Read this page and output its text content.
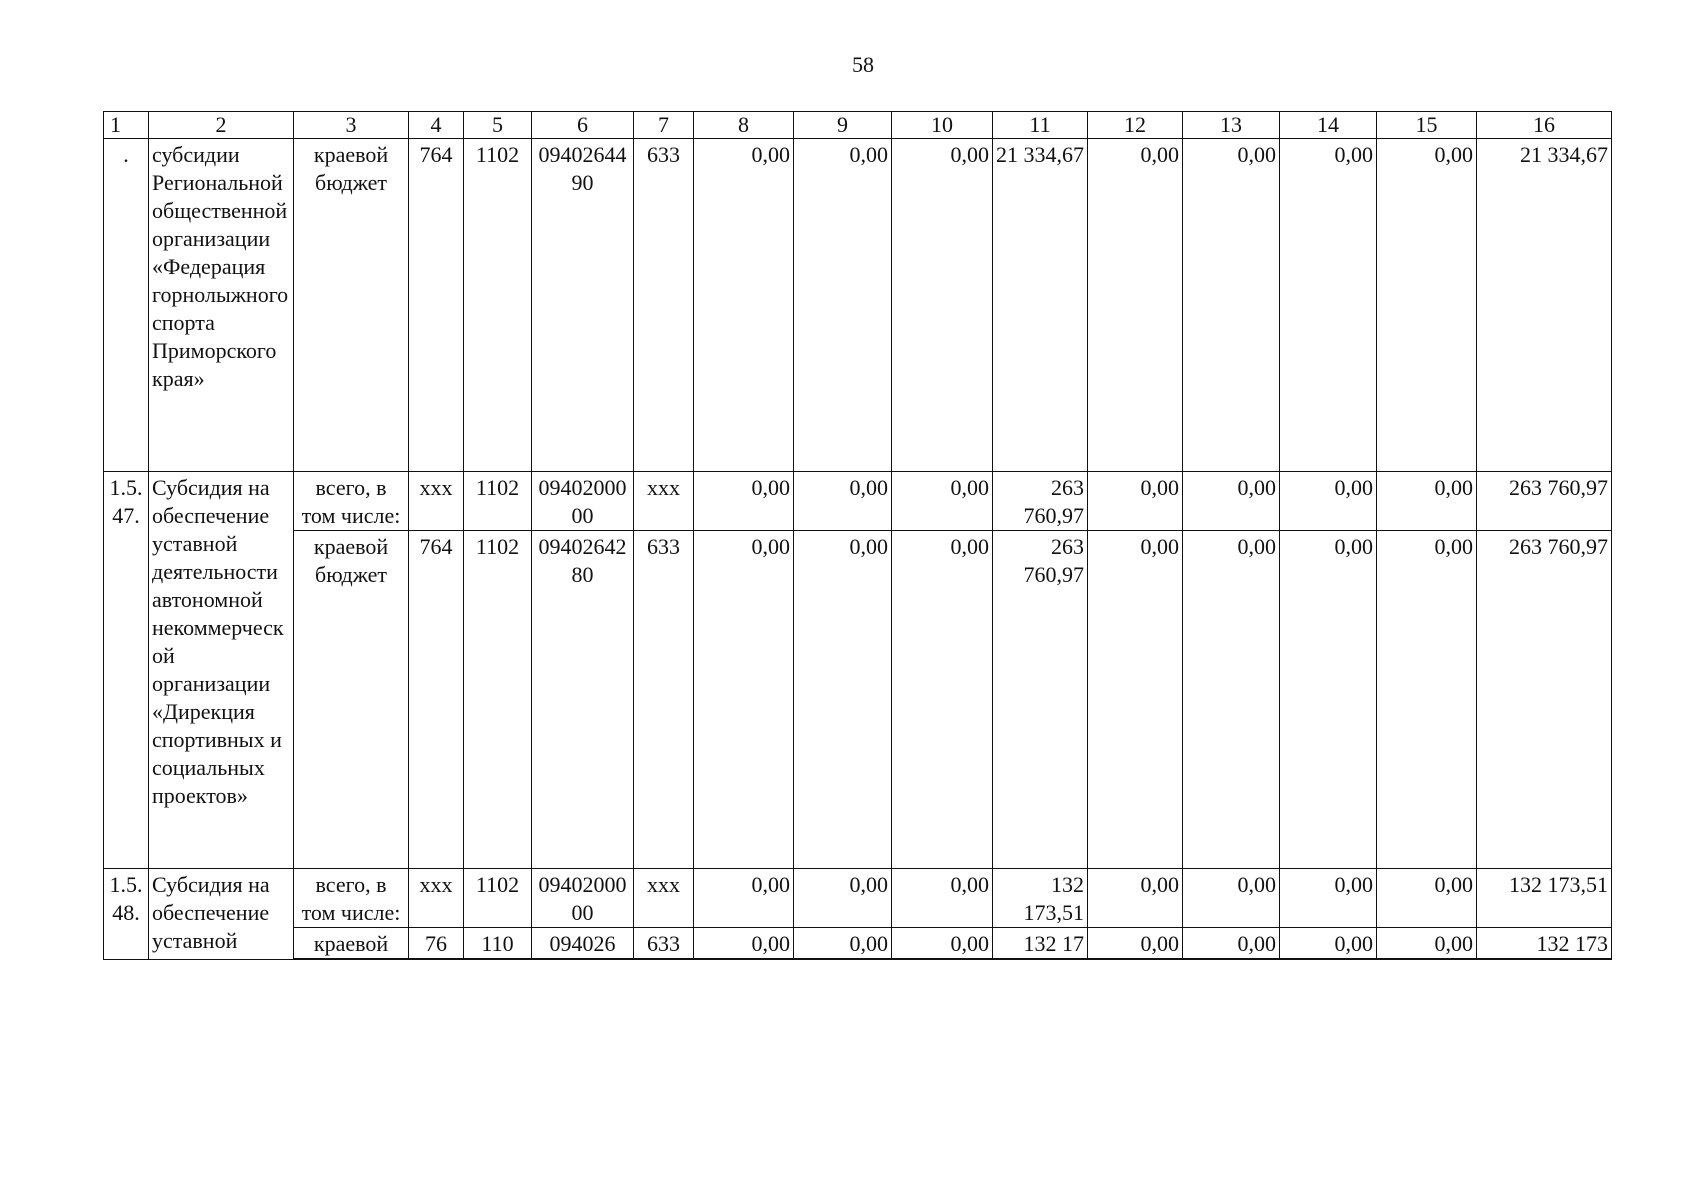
58
1	2	3	4	5	6	7	8	9	10	11	12	13	14	15	16
.	субсидии Региональной общественной организации «Федерация горнолыжного спорта Приморского края»	краевой бюджет	764	1102	0940264490	633	0,00	0,00	0,00	21 334,67	0,00	0,00	0,00	0,00	21 334,67
1.5.47.	Субсидия на обеспечение уставной деятельности автономной некоммерческой организации «Дирекция спортивных и социальных проектов»	всего, в том числе:	ххх	1102	0940200000	ххх	0,00	0,00	0,00	263 760,97	0,00	0,00	0,00	0,00	263 760,97
		краевой бюджет	764	1102	0940264280	633	0,00	0,00	0,00	263 760,97	0,00	0,00	0,00	0,00	263 760,97
1.5.48.	Субсидия на обеспечение уставной	всего, в том числе:	ххх	1102	0940200000	ххх	0,00	0,00	0,00	132 173,51	0,00	0,00	0,00	0,00	132 173,51
		краевой	76	110	094026	633	0,00	0,00	0,00	132 17	0,00	0,00	0,00	0,00	132 173
